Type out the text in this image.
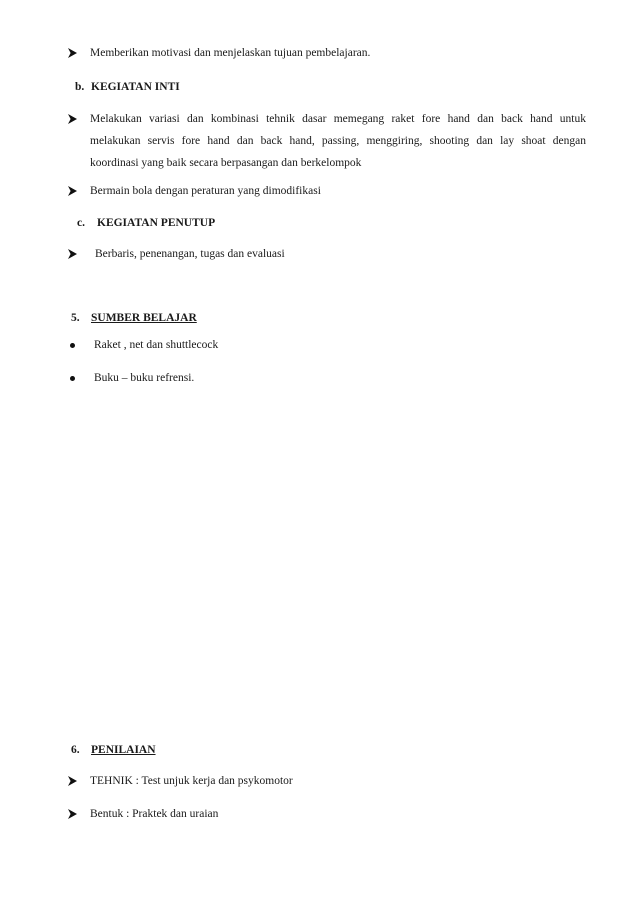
Memberikan motivasi dan menjelaskan tujuan pembelajaran.
b. KEGIATAN INTI
Melakukan variasi dan kombinasi tehnik dasar memegang raket fore hand dan back hand untuk
melakukan servis fore hand dan back hand, passing, menggiring, shooting dan lay shoat dengan
koordinasi yang baik secara berpasangan dan berkelompok
Bermain bola dengan peraturan yang dimodifikasi
c. KEGIATAN PENUTUP
Berbaris, penenangan, tugas dan evaluasi
5. SUMBER BELAJAR
Raket , net dan shuttlecock
Buku – buku refrensi.
6. PENILAIAN
TEHNIK : Test unjuk kerja dan psykomotor
Bentuk : Praktek dan uraian
